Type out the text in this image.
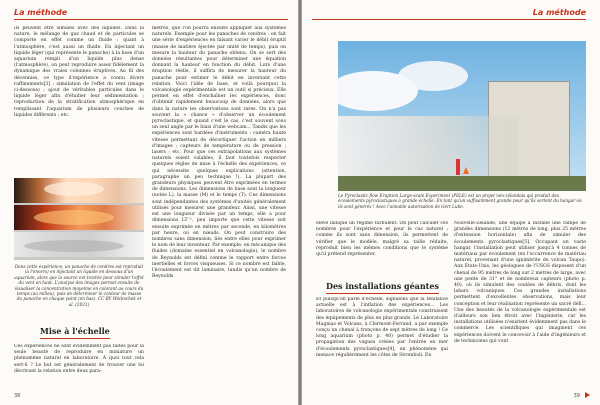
La méthode

ils peuvent être simulés avec des liquides. Dans la nature, le mélange de gaz chaud et de particules se comporte en effet comme un fluide : quant à l'atmosphère, c'est aussi un fluide. En injectant un liquide léger (qui représente le panache) à la base d'un aquarium rempli d'un liquide plus dense (l'atmosphère), on peut reproduire assez fidèlement la dynamique des vraies colonnes éruptives. Au fil des décennies, ce type d'expérience a connu divers raffinements[3] : simulation de l'effet du vent (image ci-dessous) ; ajout de véritables particules dans le liquide léger afin d'étudier leur sédimentation ; reproduction de la stratification atmosphérique en remplissant l'aquarium de plusieurs couches de liquides différents ; etc.

Dans cette expérience, un panache de cendres est reproduit (à l'envers) en injectant un liquide en dessous d'un aquarium, alors que la source est tractée pour simuler l'effet du vent en haut. L'analyse des images permet ensuite de visualiser la concentration moyenne en colorant au cours du temps (au milieu), puis de déterminer le contour de masse du panache en chaque point (en bas). CC BY Woitischek et al. (2021)
Mise à l'échelle

Ces expériences ne sont évidemment pas faites pour la seule beauté de reproduire en miniature un phénomène naturel en laboratoire. À quoi tout cela sert-il ? Le but est généralement de trouver une loi décrivant la relation entre deux para-

mètres, que l'on pourra ensuite appliquer aux systèmes naturels. Exemple pour les panaches de cendres : on fait une série d'expériences en faisant varier le débit éruptif (masse de matière éjectée par unité de temps), puis on mesure la hauteur du panache obtenu. On se sert des données résultantes pour déterminer une équation donnant la hauteur en fonction du débit. Lors d'une éruption réelle, il suffira de mesurer la hauteur du panache pour estimer le débit en inversant cette relation. Voici l'idée de base, et voilà pourquoi la volcanologie expérimentale est un outil si précieux. Elle permet en effet d'enchaîner les expériences, donc d'obtenir rapidement beaucoup de données, alors que dans la nature les observations sont rares. On n'a pas souvent la « chance » d'observer un écoulement pyroclastique, et quand c'est le cas, c'est souvent sous un seul angle par le biais d'une webcam... Tandis que les expériences sont bardées d'instruments : caméra haute vitesse permettant de décortiquer l'action en milliers d'images ; capteurs de température ou de pression ; lasers ; etc. Pour que ces extrapolations aux systèmes naturels soient valables, il faut toutefois respecter quelques règles de mise à l'échelle des expériences, ce qui nécessite quelques explications (attention, paragraphe un peu technique !). La plupart des grandeurs physiques peuvent être exprimées en termes de dimensions. Les dimensions de base sont la longueur (notée L), la masse (M) et le temps (T). Ces dimensions sont indépendantes des systèmes d'unités généralement utilisés pour mesurer une grandeur. Ainsi, une vitesse est une longueur divisée par un temps, elle a pour dimensions LT⁻¹, peu importe que cette vitesse soit ensuite exprimée en mètres par seconde, en kilomètres par heure, ou en nœuds. On peut construire des nombres sans dimension, liés entre elles pour exprimer le nom de leur inventeur. Par exemple, en mécanique des fluides (domaine essentiel en volcanologie), le nombre de Reynolds est défini comme le rapport entre forces inertielles et forces visqueuses. Si ce nombre est faible, l'écoulement est dit laminaire, tandis qu'un nombre de Reynolds

38
La méthode
Le Pyroclastic flow Eruption Large-scale Experiment (PELE) est un projet néo-zélandais qui produit des écoulements pyroclastiques à grande échelle. En tant qu'un suffisamment grande pour qu'ils sortent du hangar où ils sont générés ! Avec l'aimable autorisation de Gert Lube.

élevé indique un régime turbulent. On peut calculer ces nombres pour l'expérience et pour le cas naturel ; comme ils sont sans dimension, ils permettent de vérifier que le modèle, malgré sa taille réduite, reproduit bien les mêmes conditions que le système qu'il prétend représenter.

Des installations géantes

Et puisqu'on parle d'échelle, signalons que la tendance actuelle est à l'inflation des expériences... Les laboratoires de volcanologie expérimentale construisent des équipements de plus en plus grands. Le Laboratoire Magmas et Volcans, à Clermont-Ferrand, a par exemple conçu un chenal à tronçons de sept mètres de long ! Ce long aquarium (photo p. 40) permet d'étudier la propagation des vagues créées par l'entrée en mer d'écoulements pyroclastiques[4], un phénomène qui menace régulièrement les côtes de Stromboli. En

Nouvelle-Zélande, une équipe a installé une rampe de grandes dimensions (12 mètres de long, plus 25 mètres d'extension horizontale) afin de simuler des écoulements pyroclastiques[5]. Occupant un vaste hangar, l'installation peut utiliser jusqu'à 4 tonnes de matériaux par écoulement (en l'occurrence de matériau naturel, provenant d'une ignimbrite du volcan Taupo). Aux États-Unis, les géologues de l'USGS disposent d'un chenal de 95 mètres de long sur 2 mètres de large, avec une pente de 31° et de nombreux capteurs (photo p. 40), où ils simulent des coulées de débris, dont les lahars volcaniques. Ces grandes installations permettent d'excellentes observations, mais leur conception et leur réalisation représente un sacré défi... Une des beautés de la volcanologie expérimentale est d'ailleurs son lien étroit avec l'ingénierie, car les installations utilisées n'existent évidemment pas dans le commerce. Les scientifiques qui imaginent ces expériences doivent le concevoir à l'aide d'ingénieurs et de techniciens qui vont

39
